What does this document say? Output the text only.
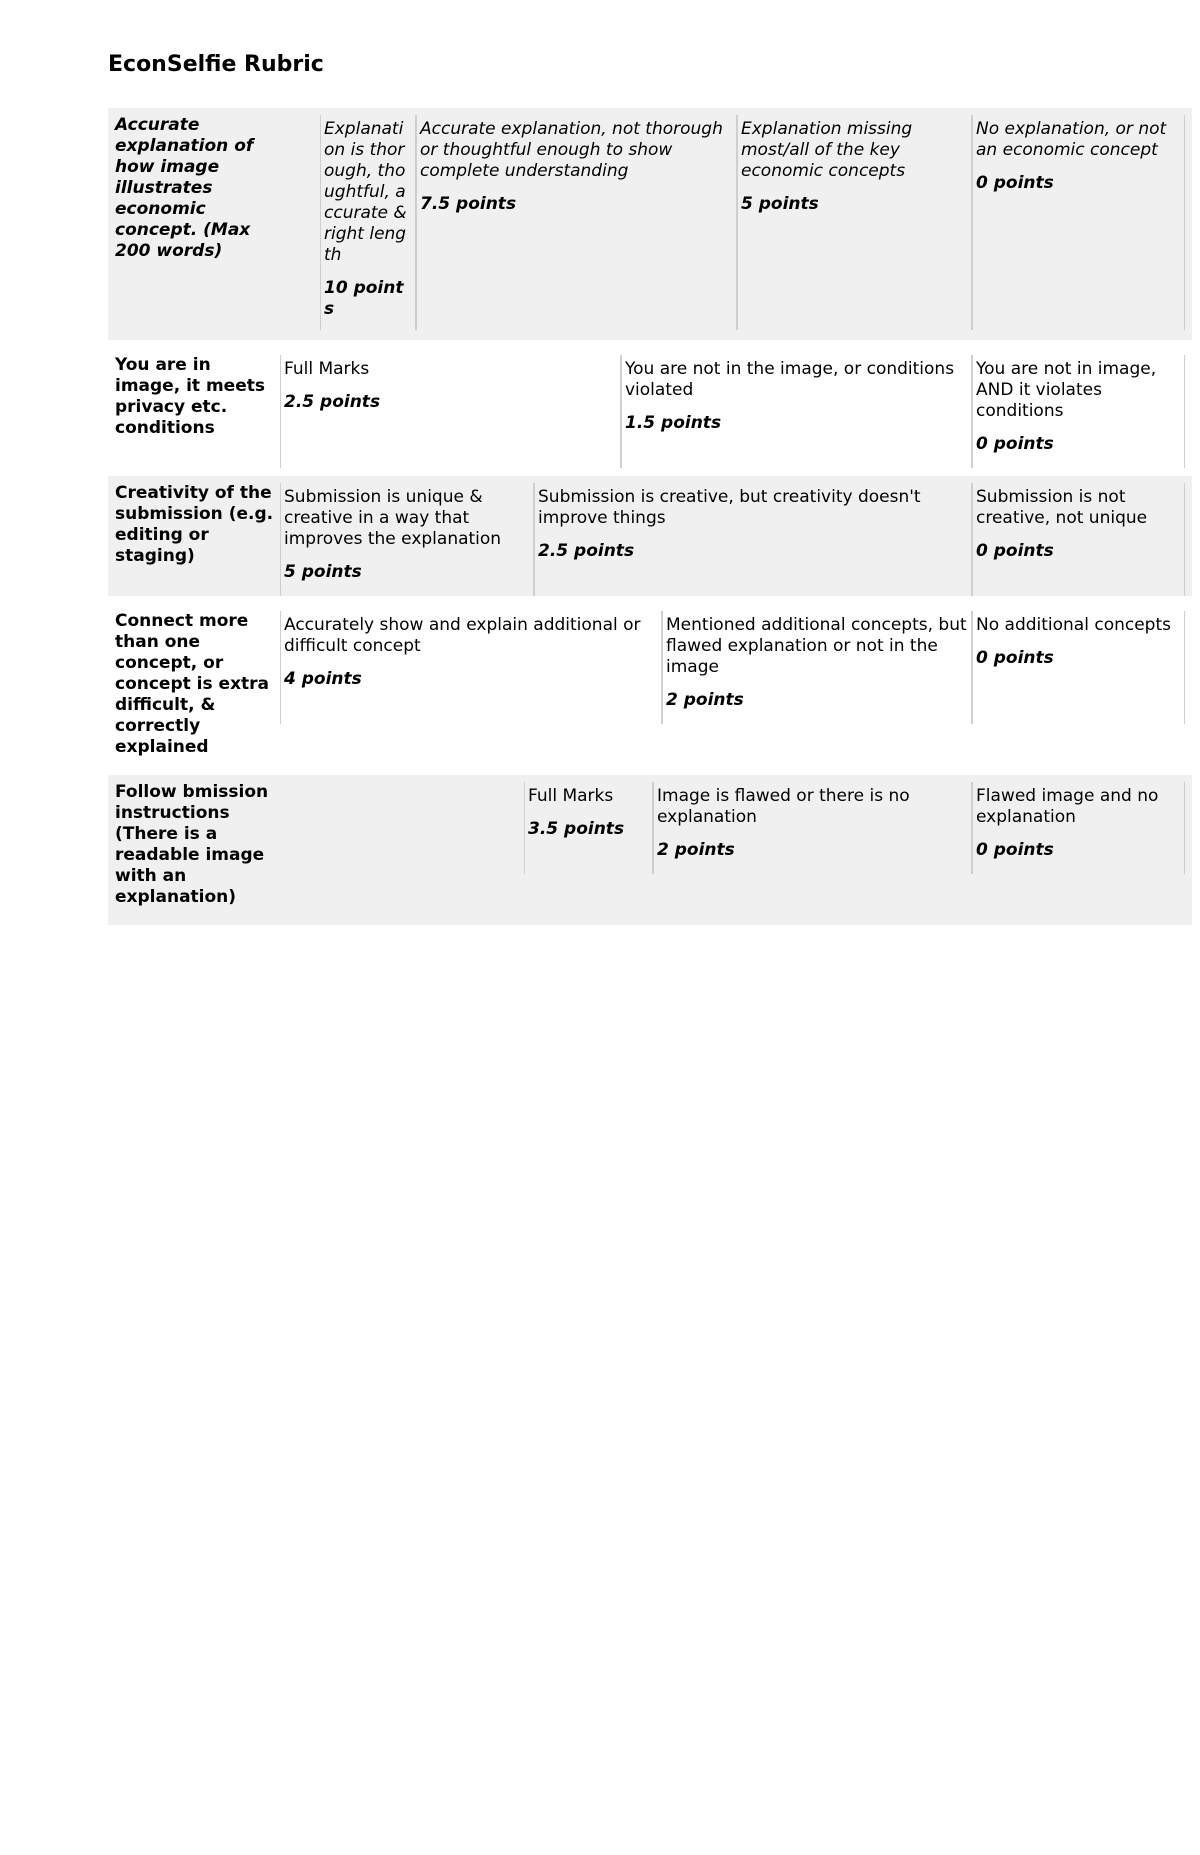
EconSelfie Rubric
Accurate explanation of how image illustrates economic concept. (Max 200 words)
Explanation is thorough, thoughtful, accurate & right length
10 points
Accurate explanation, not thorough or thoughtful enough to show complete understanding
7.5 points
Explanation missing most/all of the key economic concepts
5 points
No explanation, or not an economic concept
0 points
You are in image, it meets privacy etc. conditions
Full Marks
2.5 points
You are not in the image, or conditions violated
1.5 points
You are not in image, AND it violates conditions
0 points
Creativity of the submission (e.g. editing or staging)
Submission is unique & creative in a way that improves the explanation
5 points
Submission is creative, but creativity doesn't improve things
2.5 points
Submission is not creative, not unique
0 points
Connect more than one concept, or concept is extra difficult, & correctly explained
Accurately show and explain additional or difficult concept
4 points
Mentioned additional concepts, but flawed explanation or not in the image
2 points
No additional concepts
0 points
Follow bmission instructions (There is a readable image with an explanation)
Full Marks
3.5 points
Image is flawed or there is no explanation
2 points
Flawed image and no explanation
0 points
